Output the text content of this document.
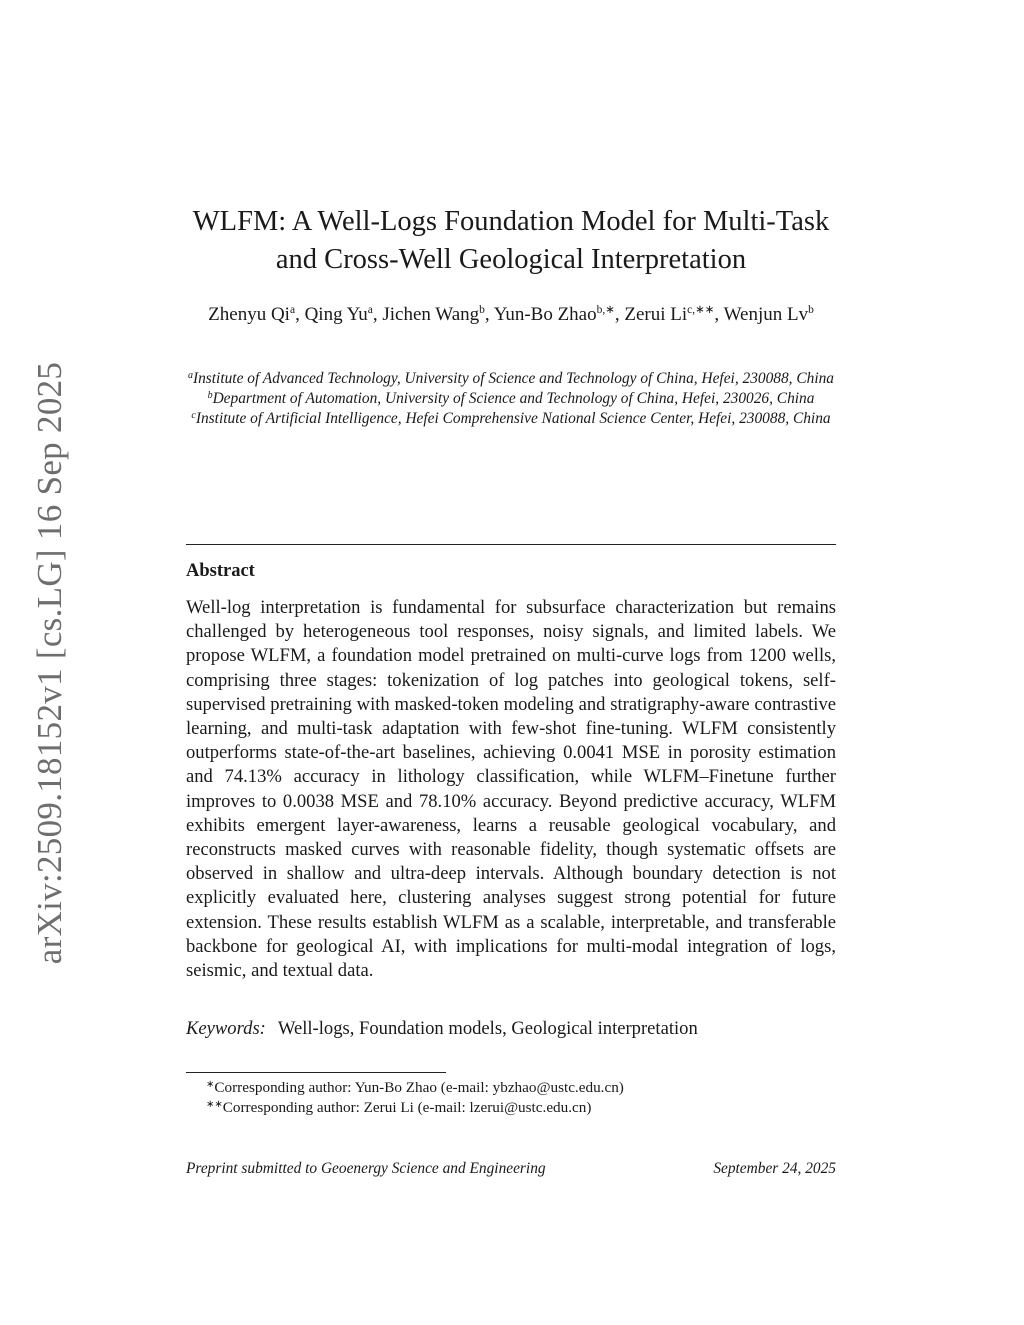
arXiv:2509.18152v1 [cs.LG] 16 Sep 2025
WLFM: A Well-Logs Foundation Model for Multi-Task and Cross-Well Geological Interpretation
Zhenyu Qi$^a$, Qing Yu$^a$, Jichen Wang$^b$, Yun-Bo Zhao$^{b,∗}$, Zerui $Li^{c,∗∗}$, Wenjun Lv$^b$

$^a$Institute of Advanced Technology, University of Science and Technology of China, Hefei, 230088, China

$^b$Department of Automation, University of Science and Technology of China, Hefei, 230026, China

$^c$Institute of Artificial Intelligence, Hefei Comprehensive National Science Center, Hefei, 230088, China

Abstract
Well-log interpretation is fundamental for subsurface characterization but remains challenged by heterogeneous tool responses, noisy signals, and limited labels. We propose WLFM, a foundation model pretrained on multi-curve logs from 1200 wells, comprising three stages: tokenization of log patches into geological tokens, self-supervised pretraining with masked-token modeling and stratigraphy-aware contrastive learning, and multi-task adaptation with few-shot fine-tuning. WLFM consistently outperforms state-of-the-art baselines, achieving 0.0041 MSE in porosity estimation and 74.13% accuracy in lithology classification, while WLFM–Finetune further improves to 0.0038 MSE and 78.10% accuracy. Beyond predictive accuracy, WLFM exhibits emergent layer-awareness, learns a reusable geological vocabulary, and reconstructs masked curves with reasonable fidelity, though systematic offsets are observed in shallow and ultra-deep intervals. Although boundary detection is not explicitly evaluated here, clustering analyses suggest strong potential for future extension. These results establish WLFM as a scalable, interpretable, and transferable backbone for geological AI, with implications for multi-modal integration of logs, seismic, and textual data.
Keywords: Well-logs, Foundation models, Geological interpretation
∗Corresponding author: Yun-Bo Zhao (e-mail: ybzhao@ustc.edu.cn)
∗∗Corresponding author: Zerui Li (e-mail: lzerui@ustc.edu.cn)
Preprint submitted to Geoenergy Science and Engineering	September 24, 2025
